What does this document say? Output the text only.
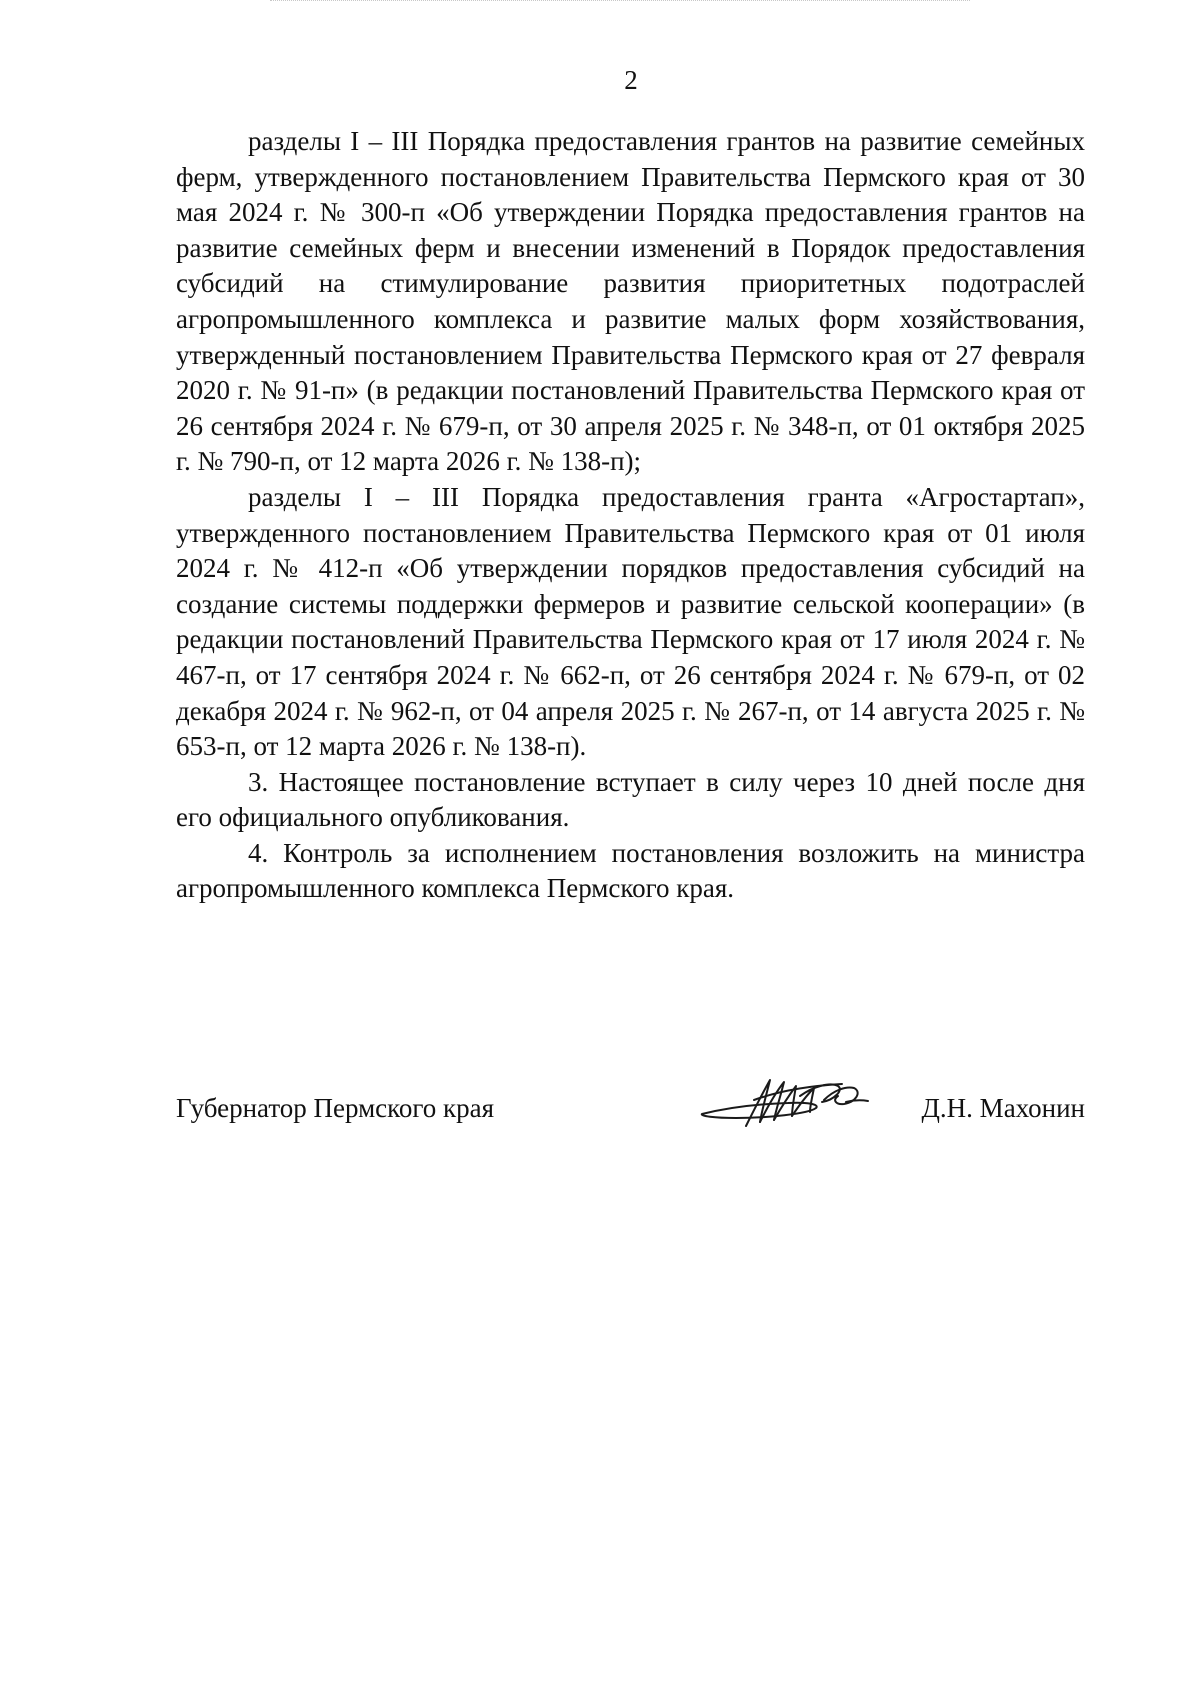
2

разделы I – III Порядка предоставления грантов на развитие семейных ферм, утвержденного постановлением Правительства Пермского края от 30 мая 2024 г. № 300-п «Об утверждении Порядка предоставления грантов на развитие семейных ферм и внесении изменений в Порядок предоставления субсидий на стимулирование развития приоритетных подотраслей агропромышленного комплекса и развитие малых форм хозяйствования, утвержденный постановлением Правительства Пермского края от 27 февраля 2020 г. № 91-п» (в редакции постановлений Правительства Пермского края от 26 сентября 2024 г. № 679-п, от 30 апреля 2025 г. № 348-п, от 01 октября 2025 г. № 790-п, от 12 марта 2026 г. № 138-п);

разделы I – III Порядка предоставления гранта «Агростартап», утвержденного постановлением Правительства Пермского края от 01 июля 2024 г. № 412-п «Об утверждении порядков предоставления субсидий на создание системы поддержки фермеров и развитие сельской кооперации» (в редакции постановлений Правительства Пермского края от 17 июля 2024 г. № 467-п, от 17 сентября 2024 г. № 662-п, от 26 сентября 2024 г. № 679-п, от 02 декабря 2024 г. № 962-п, от 04 апреля 2025 г. № 267-п, от 14 августа 2025 г. № 653-п, от 12 марта 2026 г. № 138-п).

3. Настоящее постановление вступает в силу через 10 дней после дня его официального опубликования.

4. Контроль за исполнением постановления возложить на министра агропромышленного комплекса Пермского края.

Губернатор Пермского края	Д.Н. Махонин
